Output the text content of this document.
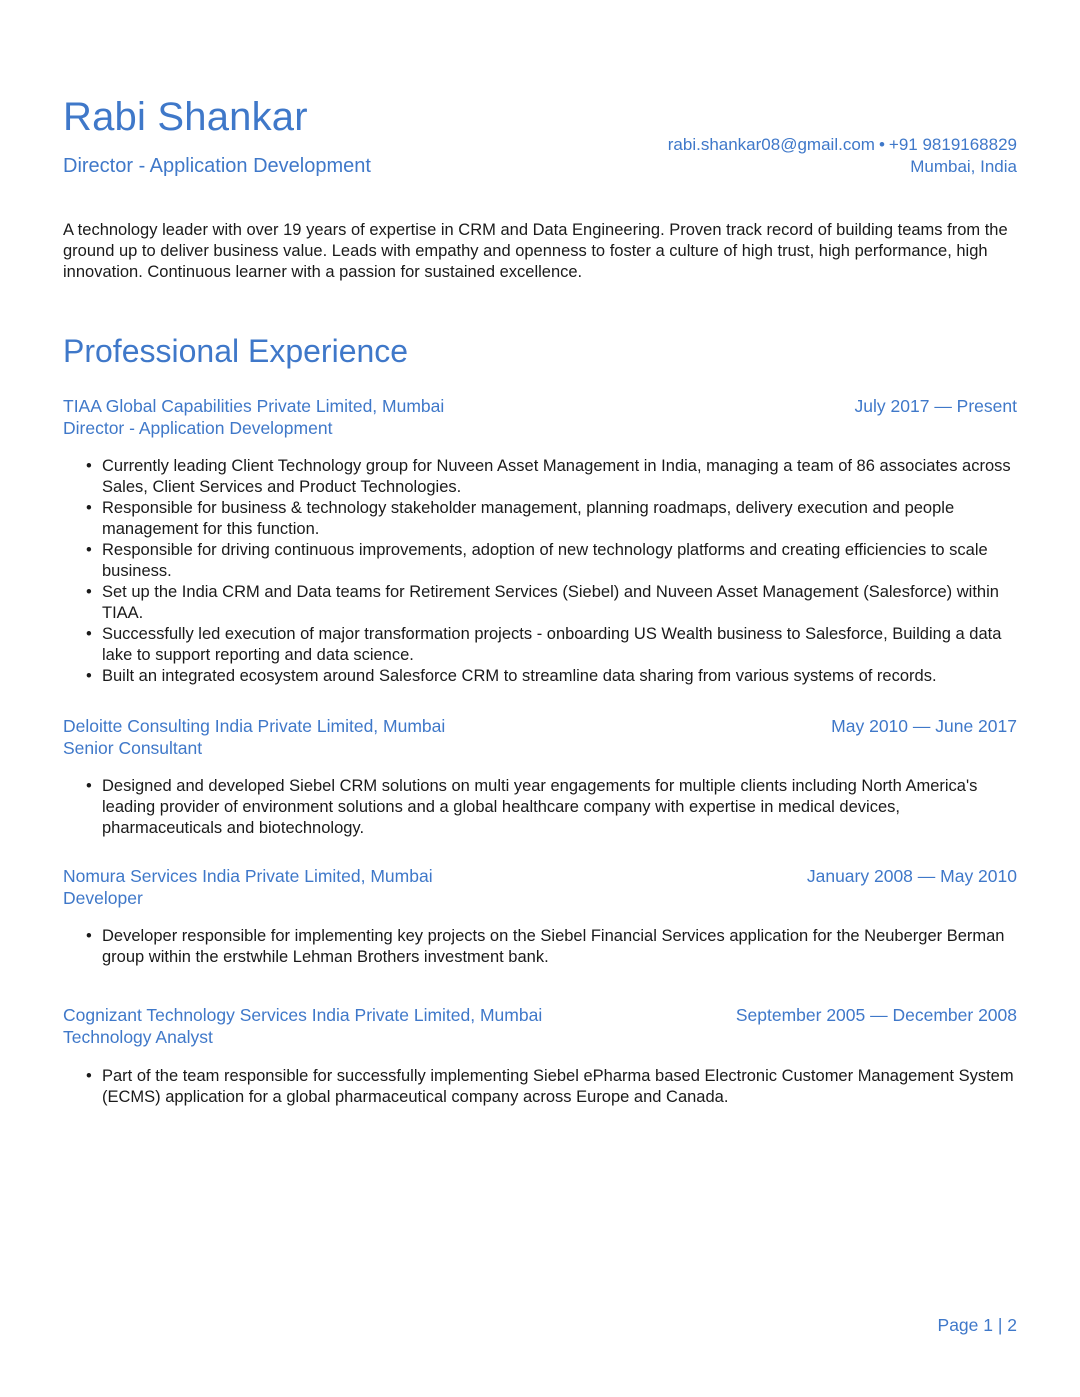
Rabi Shankar
Director - Application Development
rabi.shankar08@gmail.com • +91 9819168829
Mumbai, India

A technology leader with over 19 years of expertise in CRM and Data Engineering. Proven track record of building teams from the ground up to deliver business value. Leads with empathy and openness to foster a culture of high trust, high performance, high innovation. Continuous learner with a passion for sustained excellence.

Professional Experience
TIAA Global Capabilities Private Limited, Mumbai
Director - Application Development
July 2017 — Present
• Currently leading Client Technology group for Nuveen Asset Management in India, managing a team of 86 associates across Sales, Client Services and Product Technologies.
• Responsible for business & technology stakeholder management, planning roadmaps, delivery execution and people management for this function.
• Responsible for driving continuous improvements, adoption of new technology platforms and creating efficiencies to scale business.
• Set up the India CRM and Data teams for Retirement Services (Siebel) and Nuveen Asset Management (Salesforce) within TIAA.
• Successfully led execution of major transformation projects - onboarding US Wealth business to Salesforce, Building a data lake to support reporting and data science.
• Built an integrated ecosystem around Salesforce CRM to streamline data sharing from various systems of records.
Deloitte Consulting India Private Limited, Mumbai
Senior Consultant
May 2010 — June 2017
• Designed and developed Siebel CRM solutions on multi year engagements for multiple clients including North America's leading provider of environment solutions and a global healthcare company with expertise in medical devices, pharmaceuticals and biotechnology.
Nomura Services India Private Limited, Mumbai
Developer
January 2008 — May 2010
• Developer responsible for implementing key projects on the Siebel Financial Services application for the Neuberger Berman group within the erstwhile Lehman Brothers investment bank.
Cognizant Technology Services India Private Limited, Mumbai
Technology Analyst
September 2005 — December 2008
• Part of the team responsible for successfully implementing Siebel ePharma based Electronic Customer Management System (ECMS) application for a global pharmaceutical company across Europe and Canada.
Page 1 | 2
